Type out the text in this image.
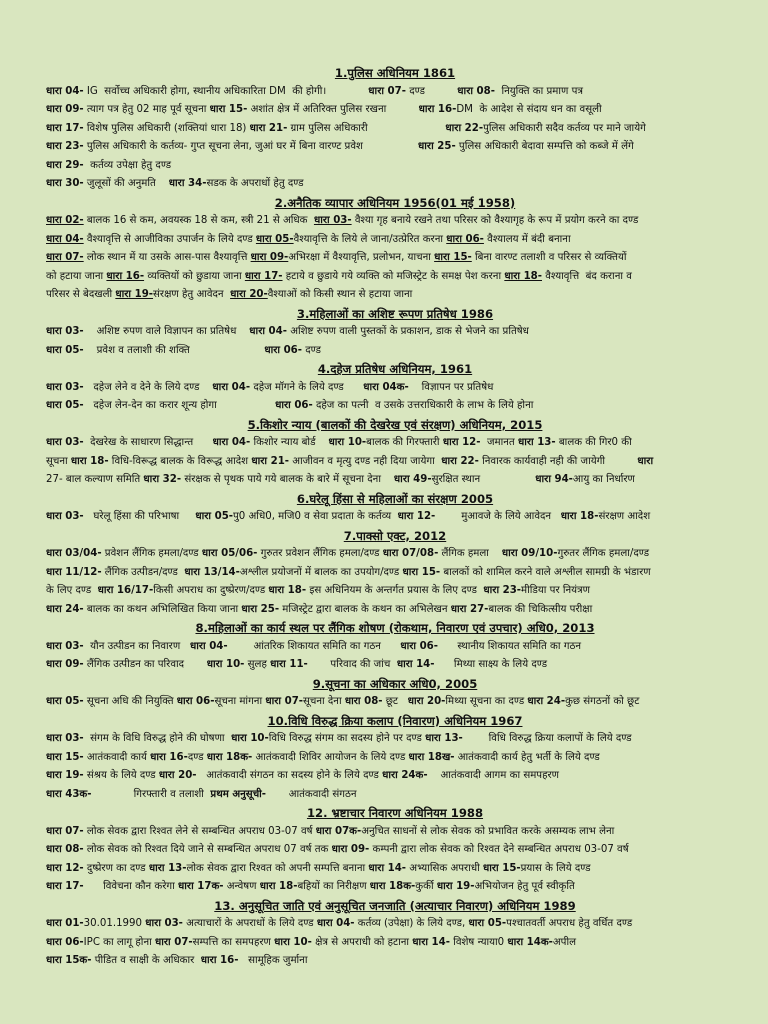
1.पुलिस अधिनियम 1861
धारा 04- IG  सर्वोच्च अधिकारी होगा, स्थानीय अधिकारिता DM  की होगी।             धारा 07- दण्ड          धारा 08-  नियुक्ति का प्रमाण पत्र
धारा 09- त्याग पत्र हेतु 02 माह पूर्व सूचना धारा 15- अशांत क्षेत्र में अतिरिक्त पुलिस रखना          धारा 16-DM  के आदेश से संदाय धन का वसूली
धारा 17- विशेष पुलिस अधिकारी (शक्तियां धारा 18) धारा 21- ग्राम पुलिस अधिकारी                        धारा 22-पुलिस अधिकारी सदैव कर्तव्य पर माने जायेगे
धारा 23- पुलिस अधिकारी के कर्तव्य- गुप्त सूचना लेना, जुआं घर में बिना वारण्ट प्रवेश                 धारा 25- पुलिस अधिकारी बेदावा सम्पत्ति को कब्जे में लेंगे
धारा 29-  कर्तव्य उपेक्षा हेतु दण्ड
धारा 30- जुलूसों की अनुमति    धारा 34-सडक के अपराधों हेतु दण्ड
2.अनैतिक व्यापार अधिनियम 1956(01 मई 1958)
धारा 02- बालक 16 से कम, अवयस्क 18 से कम, स्त्री 21 से अधिक  धारा 03- वैश्या गृह बनाये रखने तथा परिसर को वैश्यागृह के रूप में प्रयोग करने का दण्ड
धारा 04- वैश्यावृत्ति से आजीविका उपार्जन के लिये दण्ड धारा 05-वैश्यावृत्ति के लिये ले जाना/उत्प्रेरित करना धारा 06- वैश्यालय में बंदी बनाना
धारा 07- लोक स्थान में या उसके आस-पास वैश्यावृत्ति धारा 09-अभिरक्षा में वैश्यावृत्ति, प्रलोभन, याचना धारा 15- बिना वारण्ट तलाशी व परिसर से व्यक्तियों
को हटाया जाना धारा 16- व्यक्तियों को छुडाया जाना धारा 17- हटाये व छुडाये गये व्यक्ति को मजिस्ट्रेट के समक्ष पेश करना धारा 18- वैश्यावृत्ति  बंद कराना व
परिसर से बेदखली धारा 19-संरक्षण हेतु आवेदन  धारा 20-वैश्याओं को किसी स्थान से हटाया जाना
3.महिलाओं का अशिष्ट रूपण प्रतिषेध 1986
धारा 03-    अशिष्ट रुपण वाले विज्ञापन का प्रतिषेध    धारा 04- अशिष्ट रुपण वाली पुस्तकों के प्रकाशन, डाक से भेजने का प्रतिषेध
धारा 05-    प्रवेश व तलाशी की शक्ति                       धारा 06- दण्ड
4.दहेज प्रतिषेध अधिनियम, 1961
धारा 03-   दहेज लेने व देने के लिये दण्ड    धारा 04- दहेज मॉगने के लिये दण्ड      धारा 04क-    विज्ञापन पर प्रतिषेध
धारा 05-   दहेज लेन-देन का करार शून्य होगा                  धारा 06- दहेज का पत्नी  व उसके उत्तराधिकारी के लाभ के लिये होना
5.किशोर न्याय (बालकों की देखरेख एवं संरक्षण) अधिनियम, 2015
धारा 03-  देखरेख के साधारण सिद्धान्त      धारा 04- किशोर न्याय बोर्ड    धारा 10-बालक की गिरफ्तारी धारा 12-  जमानत धारा 13- बालक की गिर0 की
सूचना धारा 18- विधि-विरूद्ध बालक के विरूद्ध आदेश धारा 21- आजीवन व मृत्यु दण्ड नही दिया जायेगा  धारा 22- निवारक कार्यवाही नही की जायेगी          धारा
27- बाल कल्याण समिति धारा 32- संरक्षक से पृथक पाये गये बालक के बारे में सूचना देना    धारा 49-सुरक्षित स्थान                 धारा 94-आयु का निर्धारण
6.घरेलू हिंसा से महिलाओं का संरक्षण 2005
धारा 03-   घरेलू हिंसा की परिभाषा     धारा 05-पु0 अधि0, मजि0 व सेवा प्रदाता के कर्तव्य  धारा 12-        मुआवजे के लिये आवेदन   धारा 18-संरक्षण आदेश
7.पाक्सो एक्ट, 2012
धारा 03/04- प्रवेशन लैंगिक हमला/दण्ड धारा 05/06- गुरुतर प्रवेशन लैंगिक हमला/दण्ड धारा 07/08- लैंगिक हमला    धारा 09/10-गुरुतर लैंगिक हमला/दण्ड
धारा 11/12- लैंगिक उत्पीडन/दण्ड  धारा 13/14-अश्लील प्रयोजनों में बालक का उपयोग/दण्ड धारा 15- बालकों को शामिल करने वाले अश्लील सामग्री के भंडारण
के लिए दण्ड  धारा 16/17-किसी अपराध का दुष्प्रेरण/दण्ड धारा 18- इस अधिनियम के अन्तर्गत प्रयास के लिए दण्ड  धारा 23-मीडिया पर नियंत्रण
धारा 24- बालक का कथन अभिलिखित किया जाना धारा 25- मजिस्ट्रेट द्वारा बालक के कथन का अभिलेखन धारा 27-बालक की चिकित्सीय परीक्षा
8.महिलाओं का कार्य स्थल पर लैंगिक शोषण (रोकथाम, निवारण एवं उपचार) अधि0, 2013
धारा 03-  यौन उत्पीडन का निवारण   धारा 04-        आंतरिक शिकायत समिति का गठन      धारा 06-      स्थानीय शिकायत समिति का गठन
धारा 09- लैंगिक उत्पीडन का परिवाद       धारा 10- सुलह धारा 11-       परिवाद की जांच  धारा 14-      मिथ्या साक्ष्य के लिये दण्ड
9.सूचना का अधिकार अधि0, 2005
धारा 05- सूचना अधि की नियुक्ति धारा 06-सूचना मांगना धारा 07-सूचना देना धारा 08- छूट   धारा 20-मिथ्या सूचना का दण्ड धारा 24-कुछ संगठनों को छूट
10.विधि विरुद्ध क्रिया कलाप (निवारण) अधिनियम 1967
धारा 03-  संगम के विधि विरुद्ध होने की घोषणा  धारा 10-विधि विरुद्ध संगम का सदस्य होने पर दण्ड धारा 13-        विधि विरुद्ध क्रिया कलापों के लिये दण्ड
धारा 15- आतंकवादी कार्य धारा 16-दण्ड धारा 18क- आतंकवादी शिविर आयोजन के लिये दण्ड धारा 18ख- आतंकवादी कार्य हेतु भर्ती के लिये दण्ड
धारा 19- संश्रय के लिये दण्ड धारा 20-   आतंकवादी संगठन का सदस्य होने के लिये दण्ड धारा 24क-    आतंकवादी आगम का समपहरण
धारा 43क-             गिरफ्तारी व तलाशी  प्रथम अनुसूची-       आतंकवादी संगठन
12. भ्रष्टाचार निवारण अधिनियम 1988
धारा 07- लोक सेवक द्वारा रिश्वत लेने से सम्बन्धित अपराध 03-07 वर्ष धारा 07क-अनुचित साधनों से लोक सेवक को प्रभावित करके असम्यक लाभ लेना
धारा 08- लोक सेवक को रिश्वत दिये जाने से सम्बन्धित अपराध 07 वर्ष तक धारा 09- कम्पनी द्वारा लोक सेवक को रिश्वत देने सम्बन्धित अपराध 03-07 वर्ष
धारा 12- दुष्प्रेरण का दण्ड धारा 13-लोक सेवक द्वारा रिश्वत को अपनी सम्पत्ति बनाना धारा 14- अभ्यासिक अपराधी धारा 15-प्रयास के लिये दण्ड
धारा 17-      विवेचना कौन करेगा धारा 17क- अन्वेषण धारा 18-बहियों का निरीक्षण धारा 18क-कुर्की धारा 19-अभियोजन हेतु पूर्व स्वीकृति
13. अनुसूचित जाति एवं अनुसूचित जनजाति (अत्याचार निवारण) अधिनियम 1989
धारा 01-30.01.1990 धारा 03- अत्याचारों के अपराधों के लिये दण्ड धारा 04- कर्तव्य (उपेक्षा) के लिये दण्ड, धारा 05-पश्चातवर्ती अपराध हेतु वर्धित दण्ड
धारा 06-IPC का लागू होना धारा 07-सम्पत्ति का समपहरण धारा 10- क्षेत्र से अपराधी को हटाना धारा 14- विशेष न्याया0 धारा 14क-अपील
धारा 15क- पीडित व साक्षी के अधिकार  धारा 16-   सामूहिक जुर्माना
